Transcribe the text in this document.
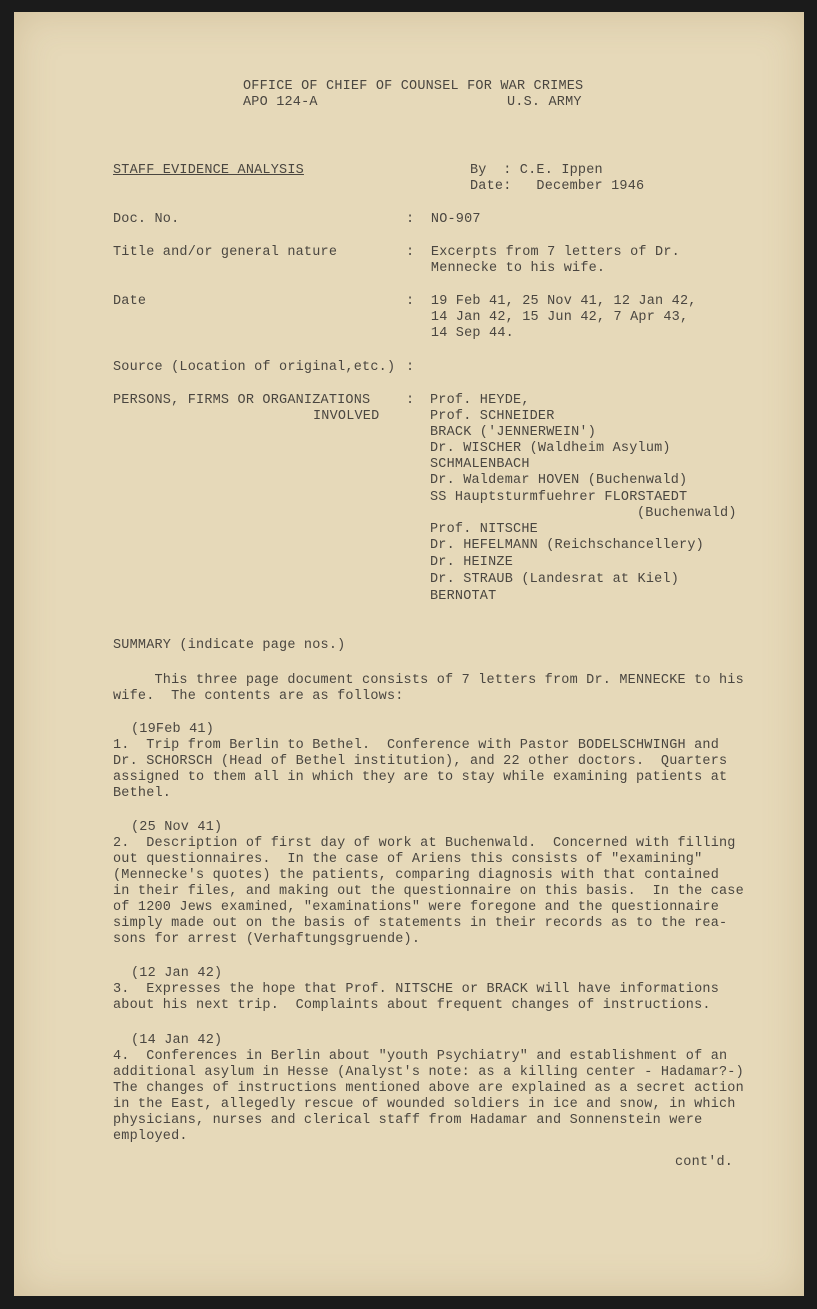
OFFICE OF CHIEF OF COUNSEL FOR WAR CRIMES
APO 124-A	U.S. ARMY
STAFF EVIDENCE ANALYSIS	By  : C.E. Ippen
Date:   December 1946
Doc. No.	:  NO-907
Title and/or general nature	:  Excerpts from 7 letters of Dr.
Mennecke to his wife.
Date	:  19 Feb 41, 25 Nov 41, 12 Jan 42,
14 Jan 42, 15 Jun 42, 7 Apr 43,
14 Sep 44.
Source (Location of original,etc.) :
PERSONS, FIRMS OR ORGANIZATIONS
INVOLVED
: Prof. HEYDE,
Prof. SCHNEIDER
BRACK ('JENNERWEIN')
Dr. WISCHER (Waldheim Asylum)
SCHMALENBACH
Dr. Waldemar HOVEN (Buchenwald)
SS Hauptsturmfuehrer FLORSTAEDT
(Buchenwald)
Prof. NITSCHE
Dr. HEFELMANN (Reichschancellery)
Dr. HEINZE
Dr. STRAUB (Landesrat at Kiel)
BERNOTAT
SUMMARY (indicate page nos.)
This three page document consists of 7 letters from Dr. MENNECKE to his
wife.  The contents are as follows:
(19Feb 41)
1.  Trip from Berlin to Bethel.  Conference with Pastor BODELSCHWINGH and
Dr. SCHORSCH (Head of Bethel institution), and 22 other doctors.  Quarters
assigned to them all in which they are to stay while examining patients at
Bethel.
(25 Nov 41)
2.  Description of first day of work at Buchenwald.  Concerned with filling
out questionnaires.  In the case of Ariens this consists of "examining"
(Mennecke's quotes) the patients, comparing diagnosis with that contained
in their files, and making out the questionnaire on this basis.  In the case
of 1200 Jews examined, "examinations" were foregone and the questionnaire
simply made out on the basis of statements in their records as to the rea-
sons for arrest (Verhaftungsgruende).
(12 Jan 42)
3.  Expresses the hope that Prof. NITSCHE or BRACK will have informations
about his next trip.  Complaints about frequent changes of instructions.
(14 Jan 42)
4.  Conferences in Berlin about "youth Psychiatry" and establishment of an
additional asylum in Hesse (Analyst's note: as a killing center - Hadamar?-)
The changes of instructions mentioned above are explained as a secret action
in the East, allegedly rescue of wounded soldiers in ice and snow, in which
physicians, nurses and clerical staff from Hadamar and Sonnenstein were
employed.
cont'd.
